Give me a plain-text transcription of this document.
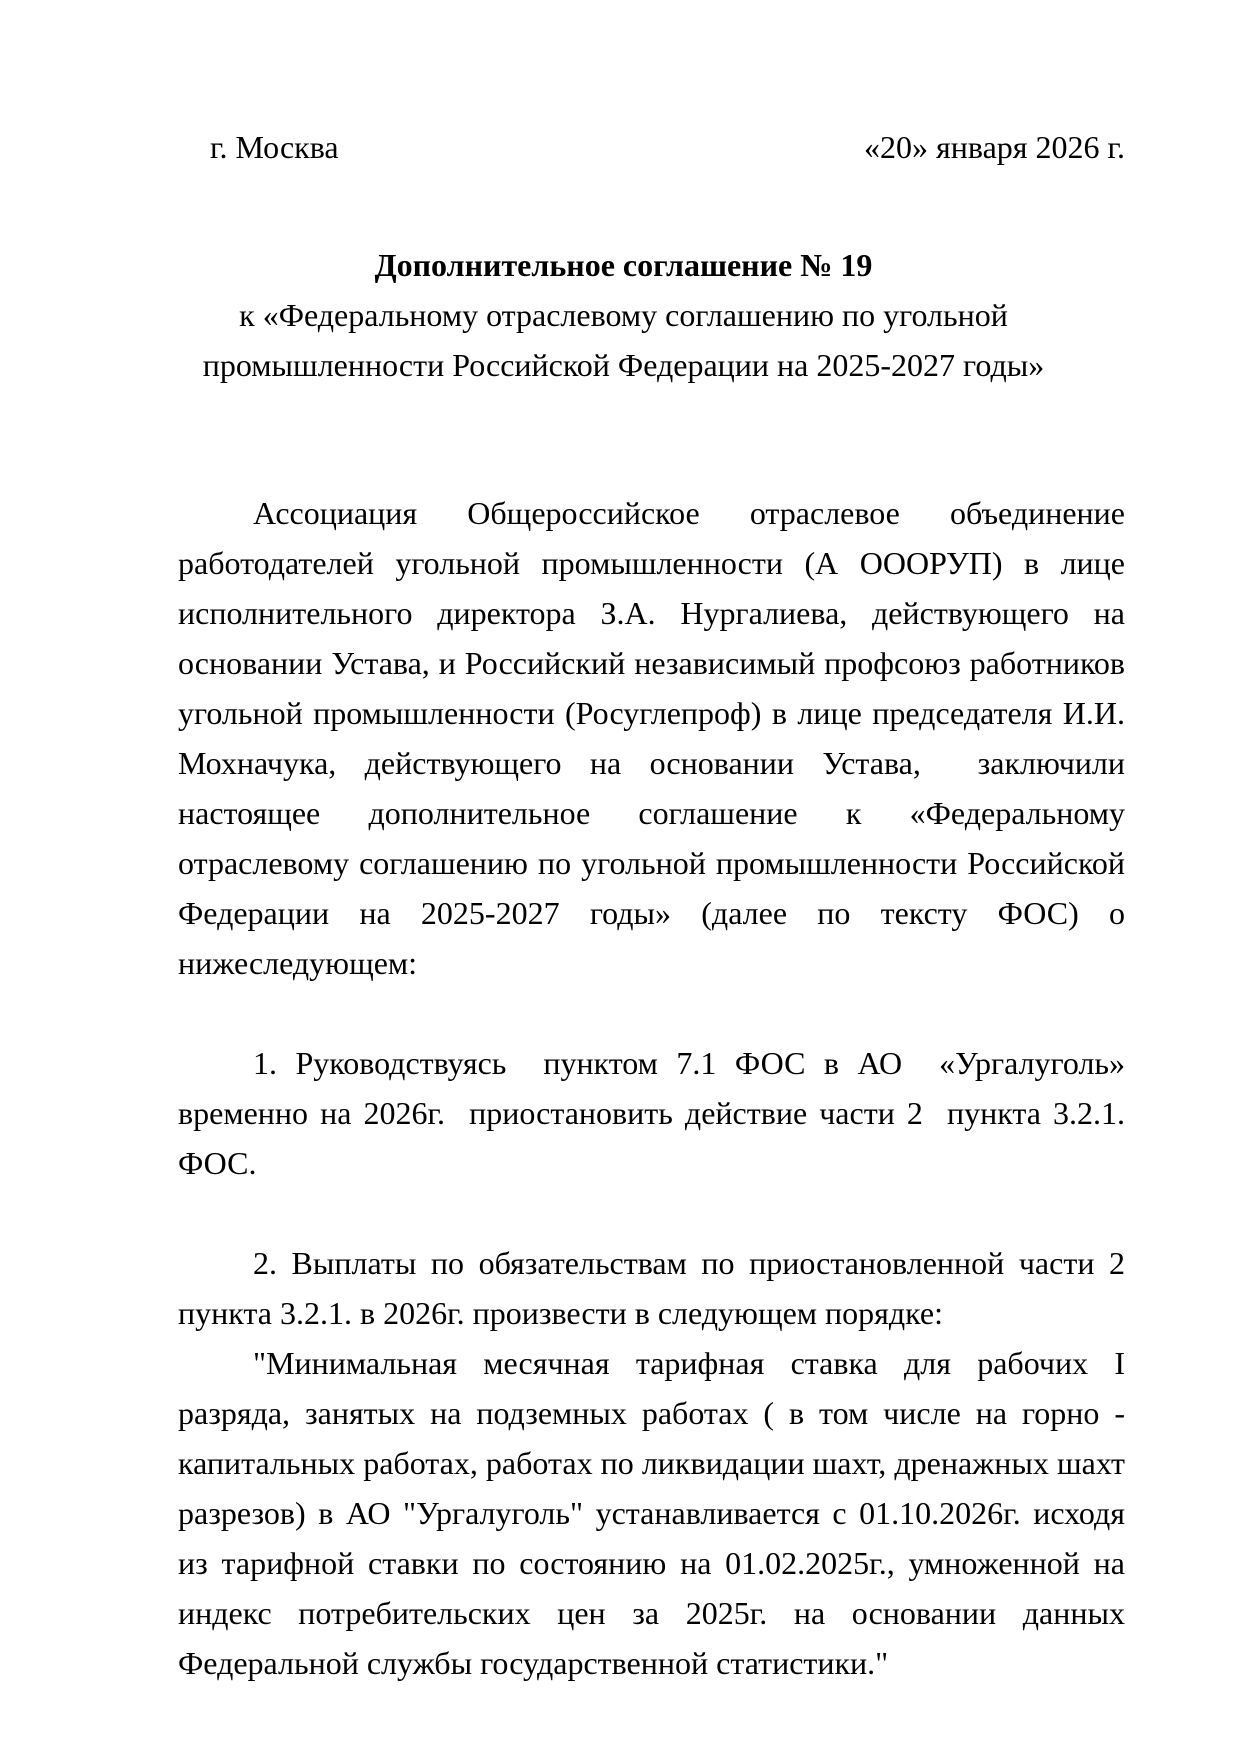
г. Москва	«20» января 2026 г.
Дополнительное соглашение № 19
к «Федеральному отраслевому соглашению по угольной
промышленности Российской Федерации на 2025-2027 годы»

Ассоциация Общероссийское отраслевое объединение работодателей угольной промышленности (А ОООРУП) в лице исполнительного директора З.А. Нургалиева, действующего на основании Устава, и Российский независимый профсоюз работников угольной промышленности (Росуглепроф) в лице председателя И.И. Мохначука, действующего на основании Устава,  заключили настоящее дополнительное соглашение к «Федеральному отраслевому соглашению по угольной промышленности Российской Федерации на 2025-2027 годы» (далее по тексту ФОС) о нижеследующем:

1. Руководствуясь  пунктом 7.1 ФОС в АО  «Ургалуголь» временно на 2026г.  приостановить действие части 2  пункта 3.2.1. ФОС.

2. Выплаты по обязательствам по приостановленной части 2 пункта 3.2.1. в 2026г. произвести в следующем порядке:

"Минимальная месячная тарифная ставка для рабочих I разряда, занятых на подземных работах ( в том числе на горно - капитальных работах, работах по ликвидации шахт, дренажных шахт разрезов) в АО "Ургалуголь" устанавливается с 01.10.2026г. исходя из тарифной ставки по состоянию на 01.02.2025г., умноженной на индекс потребительских цен за 2025г. на основании данных Федеральной службы государственной статистики."
